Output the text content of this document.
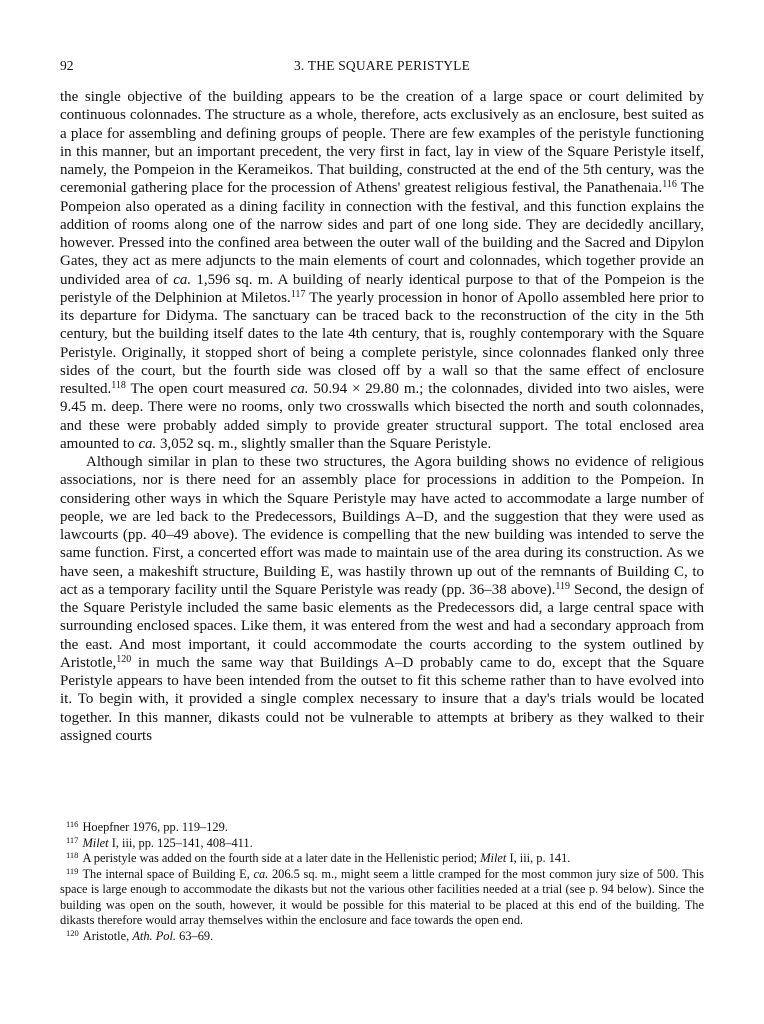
92	3. THE SQUARE PERISTYLE

the single objective of the building appears to be the creation of a large space or court delimited by continuous colonnades. The structure as a whole, therefore, acts exclusively as an enclosure, best suited as a place for assembling and defining groups of people. There are few examples of the peristyle functioning in this manner, but an important precedent, the very first in fact, lay in view of the Square Peristyle itself, namely, the Pompeion in the Kerameikos. That building, constructed at the end of the 5th century, was the ceremonial gathering place for the procession of Athens' greatest religious festival, the Panathenaia.$^{116}$ The Pompeion also operated as a dining facility in connection with the festival, and this function explains the addition of rooms along one of the narrow sides and part of one long side. They are decidedly ancillary, however. Pressed into the confined area between the outer wall of the building and the Sacred and Dipylon Gates, they act as mere adjuncts to the main elements of court and colonnades, which together provide an undivided area of ca. 1,596 sq. m. A building of nearly identical purpose to that of the Pompeion is the peristyle of the Delphinion at Miletos.$^{117}$ The yearly procession in honor of Apollo assembled here prior to its departure for Didyma. The sanctuary can be traced back to the reconstruction of the city in the 5th century, but the building itself dates to the late 4th century, that is, roughly contemporary with the Square Peristyle. Originally, it stopped short of being a complete peristyle, since colonnades flanked only three sides of the court, but the fourth side was closed off by a wall so that the same effect of enclosure resulted.$^{118}$ The open court measured ca. 50.94 × 29.80 m.; the colonnades, divided into two aisles, were 9.45 m. deep. There were no rooms, only two crosswalls which bisected the north and south colonnades, and these were probably added simply to provide greater structural support. The total enclosed area amounted to ca. 3,052 sq. m., slightly smaller than the Square Peristyle.

Although similar in plan to these two structures, the Agora building shows no evidence of religious associations, nor is there need for an assembly place for processions in addition to the Pompeion. In considering other ways in which the Square Peristyle may have acted to accommodate a large number of people, we are led back to the Predecessors, Buildings A–D, and the suggestion that they were used as lawcourts (pp. 40–49 above). The evidence is compelling that the new building was intended to serve the same function. First, a concerted effort was made to maintain use of the area during its construction. As we have seen, a makeshift structure, Building E, was hastily thrown up out of the remnants of Building C, to act as a temporary facility until the Square Peristyle was ready (pp. 36–38 above).$^{119}$ Second, the design of the Square Peristyle included the same basic elements as the Predecessors did, a large central space with surrounding enclosed spaces. Like them, it was entered from the west and had a secondary approach from the east. And most important, it could accommodate the courts according to the system outlined by Aristotle,$^{120}$ in much the same way that Buildings A–D probably came to do, except that the Square Peristyle appears to have been intended from the outset to fit this scheme rather than to have evolved into it. To begin with, it provided a single complex necessary to insure that a day's trials would be located together. In this manner, dikasts could not be vulnerable to attempts at bribery as they walked to their assigned courts

$^{116}$ Hoepfner 1976, pp. 119–129.
$^{117}$ Milet I, iii, pp. 125–141, 408–411.
$^{118}$ A peristyle was added on the fourth side at a later date in the Hellenistic period; Milet I, iii, p. 141.
$^{119}$ The internal space of Building E, ca. 206.5 sq. m., might seem a little cramped for the most common jury size of 500. This space is large enough to accommodate the dikasts but not the various other facilities needed at a trial (see p. 94 below). Since the building was open on the south, however, it would be possible for this material to be placed at this end of the building. The dikasts therefore would array themselves within the enclosure and face towards the open end.
$^{120}$ Aristotle, Ath. Pol. 63–69.
